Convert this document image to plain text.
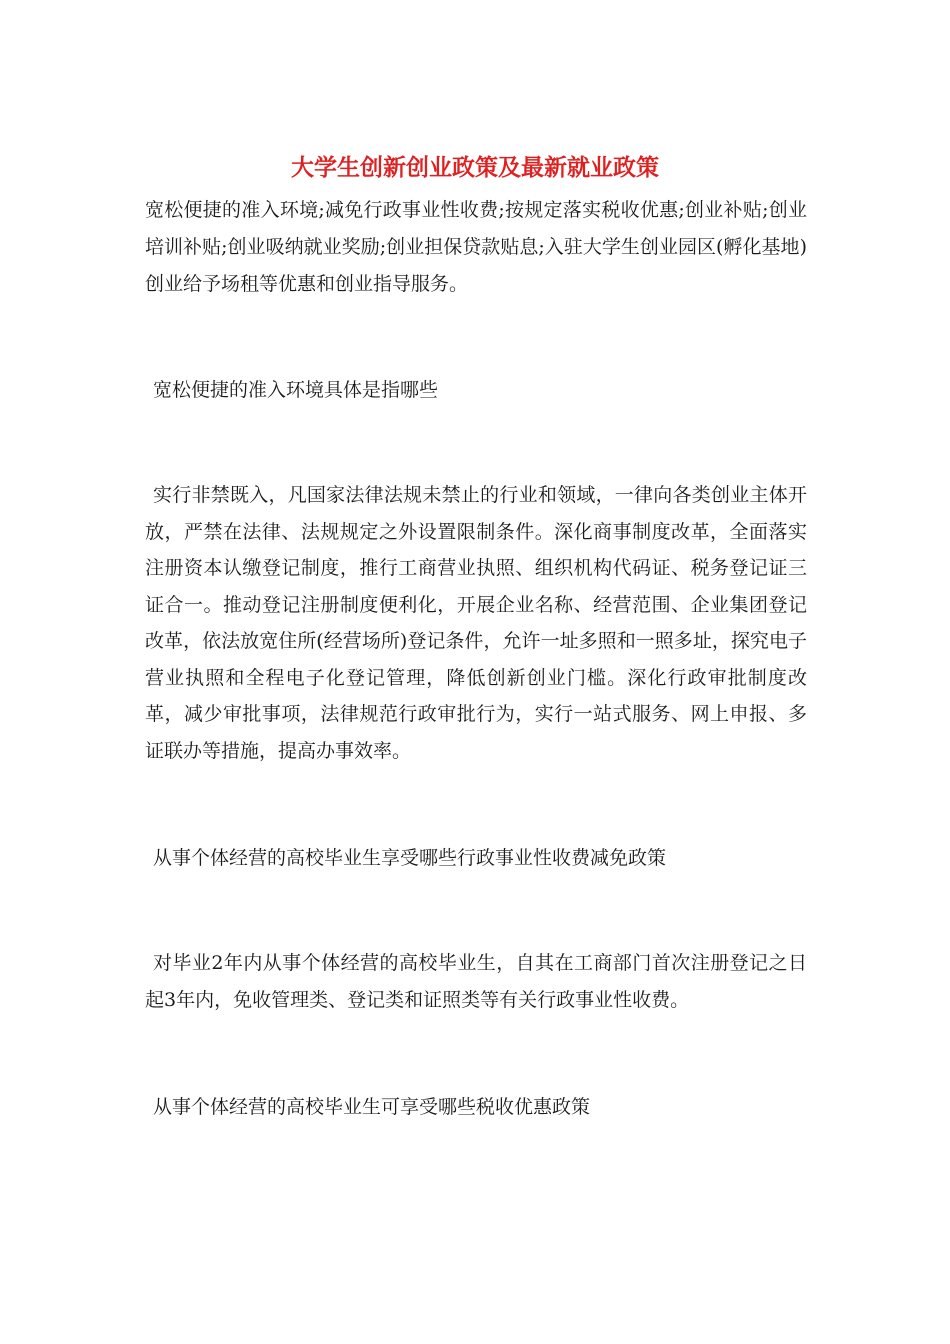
大学生创新创业政策及最新就业政策

宽松便捷的准入环境;减免行政事业性收费;按规定落实税收优惠;创业补贴;创业培训补贴;创业吸纳就业奖励;创业担保贷款贴息;入驻大学生创业园区(孵化基地)创业给予场租等优惠和创业指导服务。

宽松便捷的准入环境具体是指哪些

实行非禁既入，凡国家法律法规未禁止的行业和领域，一律向各类创业主体开放，严禁在法律、法规规定之外设置限制条件。深化商事制度改革，全面落实注册资本认缴登记制度，推行工商营业执照、组织机构代码证、税务登记证三证合一。推动登记注册制度便利化，开展企业名称、经营范围、企业集团登记改革，依法放宽住所(经营场所)登记条件，允许一址多照和一照多址，探究电子营业执照和全程电子化登记管理，降低创新创业门槛。深化行政审批制度改革，减少审批事项，法律规范行政审批行为，实行一站式服务、网上申报、多证联办等措施，提高办事效率。

从事个体经营的高校毕业生享受哪些行政事业性收费减免政策

对毕业2年内从事个体经营的高校毕业生，自其在工商部门首次注册登记之日起3年内，免收管理类、登记类和证照类等有关行政事业性收费。

从事个体经营的高校毕业生可享受哪些税收优惠政策
